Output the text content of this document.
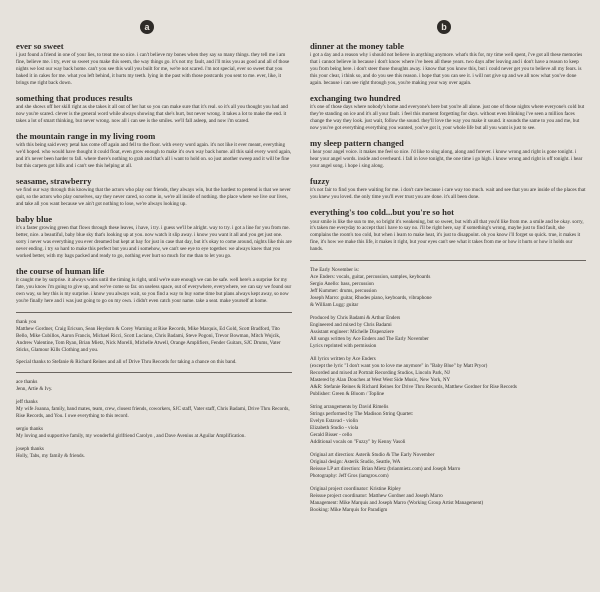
a	b
ever so sweet
i just found a friend in one of your lies, to treat me so nice. i can't believe my bones when they say so many things. they tell me i am fine, believe me. i try, ever so sweet you make this seem, the way things go. it's not my fault, and i'll miss you as good and all of those nights we lost our way back home. can't you see this wall you built for me, we're not scared. i'm not special, ever so sweet that you baked it in cakes for me. what you left behind, it hurts my teeth. lying in the past with those postcards you sent to me. ever, like, it brings me right back down.
something that produces results
and she shows off her skill right as she takes it all out of her hat so you can make sure that it's real. so it's all you thought you had and now you're scared. clever is the general word while always showing that she's hurt, but never wrong. it takes a lot to make the end. it takes a lot of smart thinking, but never wrong. now all i can see is the smiles. we'll fall asleep, and now i'm scared.
the mountain range in my living room
with this being said every petal has come off again and fell to the floor. with every word again. it's not like it ever meant, everything we'd hoped. who would have thought it could float, even grow enough to make it's own way back home. all this said every word again, and it's never been harder to fall. where there's nothing to grab and that's all i want to hold on. so just another sweep and it will be fine but this carpets got hills and i can't see this helping at all.
seasame, strawberry
we find our way through this knowing that the actors who play our friends, they always win, but the hardest to pretend is that we never quit, so the actors who play ourselves, say they never cared, so come in, we're all inside of nothing. the place where we live our lives, and take all you want because we ain't got nothing to lose, we're always looking up.
baby blue
it's a faster growing green that flows through these leaves, i have, i try. i guess we'll be alright. way to try. i got a line for you from me. better, nice. a beautiful, baby blue sky that's looking up at you. now watch it slip away. i know you want it all and you get just one. sorry i never was everything you ever dreamed but kept at bay for just in case that day, but it's okay to come around, nights like this are never ending. i try so hard to make this perfect but you and i somehow, we can't see eye to eye together. we always knew that you worked better, with my bags packed and ready to go, nothing ever hurt so much for me than to let you go.
the course of human life
it caught me by surprise. it always waits until the timing is right, until we're sure enough we can be safe. well here's a surprise for my fate, you know i'm going to give up, and we've come so far. on useless space, out of everywhere, everywhere, we can say we found our own way, so hey this is my surprise. i know you always wait, so you find a way to buy some time but plans always kept away, so now you're finally here and i was just going to go on my own. i didn't even catch your name. take a seat. make yourself at home.
thank you
Matthew Gordner, Craig Ericson, Sean Heydorn & Corey Warning at Rise Records, Mike Marquis, Ed Gold, Scott Bradford, Tito Bello, Mike Cubillos, Aaron Francis, Michael Ricci, Scott Luciano, Chris Badami, Steve Pogoni, Trevor Bowman, Mitch Wojcik, Andrew Valentine, Tom Ryan, Brian Mietz, Nick Morelli, Michelle Atwell, Orange Amplifiers, Fender Guitars, SJC Drums, Vater Sticks, Glamour Kills Clothing and you.
Special thanks to Stefanie & Richard Reines and all of Drive Thru Records for taking a chance on this band.
ace thanks
Jenn, Artie & Ivy.
jeff thanks
My wife Joanna, family, band mates, team, crew, closest friends, coworkers, SJC staff, Vater staff, Chris Badami, Drive Thru Records, Rise Records, and You. I owe everything to this record.
sergio thanks
My loving and supportive family, my wonderful girlfriend Carolyn , and Dave Avenius at Aguilar Amplification.
joseph thanks
Holly, Tabs, my family & friends.
dinner at the money table
i got a day and a reason why i should not believe in anything anymore. what's this for, my time well spent, i've got all these memories that i cannot believe in because i don't know where i've been all these years. two days after leaving and i don't have a reason to keep you from being here. i don't steer those thoughts away. i know that you know this, but i could never get you to believe all my fears. is this your clear, i think so, and do you see this reason. i hope that you can see it. i will not give up and we all now what you've done again. because i can see right through you, you're making your way over again.
exchanging two hundred
it's one of those days where nobody's home and everyone's here but you're all alone. just one of those nights where everyone's cold but they're standing on ice and it's all your fault. i feel this moment forgetting for days. without even blinking i've seen a million faces change the way they look. just wait, follow the sound. they'll love the way you make it sound. it sounds the same to you and me, but now you've got everything everything you wanted, you've got it, your whole life but all you want is just to see.
my sleep pattern changed
i hear your angel voice. it makes me feel so nice. i'd like to sing along, along and forever. i know wrong and right is gone tonight. i hear your angel words. inside and overheard. i fall in love tonight, the one time i go high. i know wrong and right is off tonight. i hear your angel song. i hope i sing along.
fuzzy
it's not fair to find you there waiting for me. i don't care because i care way too much. wait and see that you are inside of the places that you knew you loved. the only time you'll ever trust you are done. it's all been done.
everything's too cold...but you're so hot
your smile is like the sun to me, so bright it's weakening, but so sweet, but with all that you'd like from me. a smile and be okay. sorry, it's taken me everyday to accept that i have to say no. i'll be right here, say if something's wrong, maybe just to find fault, she complains the room's too cold, but when i learn to make heat, it's just to disappoint. oh you know i'll forget so quick. true, it makes it fine, it's how we make this life, it makes it right, but your eyes can't see what it takes from me or how it hurts or how it holds our hands.
The Early November is:
Ace Enders: vocals, guitar, percussion, samples, keyboards
Sergio Anello: bass, percussion
Jeff Kummer: drums, percussion
Joseph Marro: guitar, Rhodes piano, keyboards, vibraphone
& William Lugg: guitar
Produced by Chris Badami & Arthur Enders
Engineered and mixed by Chris Badami
Assistant engineer: Michelle Dispenziere
All songs written by Ace Enders and The Early November
Lyrics reprinted with permission
All lyrics written by Ace Enders
(except the lyric "I don't want you to love me anymore" in "Baby Blue" by Matt Pryor)
Recorded and mixed at Portrait Recording Studios, Lincoln Park, NJ
Mastered by Alan Douches at West West Side Music, New York, NY
A&R: Stefanie Reines & Richard Reines for Drive Thru Records, Matthew Gordner for Rise Records
Publisher: Green & Bloom / Topline
String arrangements by David Rimelis
Strings performed by The Madison String Quartet:
Evelyn Estavad - violin
Elizabeth Studio - viola
Gerald Bisser - cello
Additional vocals on "Fuzzy" by Kenny Vasoli
Original art direction: Asterik Studio & The Early November
Original design: Asterik Studio, Seattle, WA
Reissue LP art direction: Brian Mietz (brianmietz.com) and Joseph Marro
Photography: Jeff Gros (iamgros.com)
Original project coordinator: Kristine Ripley
Reissue project coordinator: Matthew Gordner and Joseph Marro
Management: Mike Marquis and Joseph Marro (Working Group Artist Management)
Booking: Mike Marquis for Paradigm
